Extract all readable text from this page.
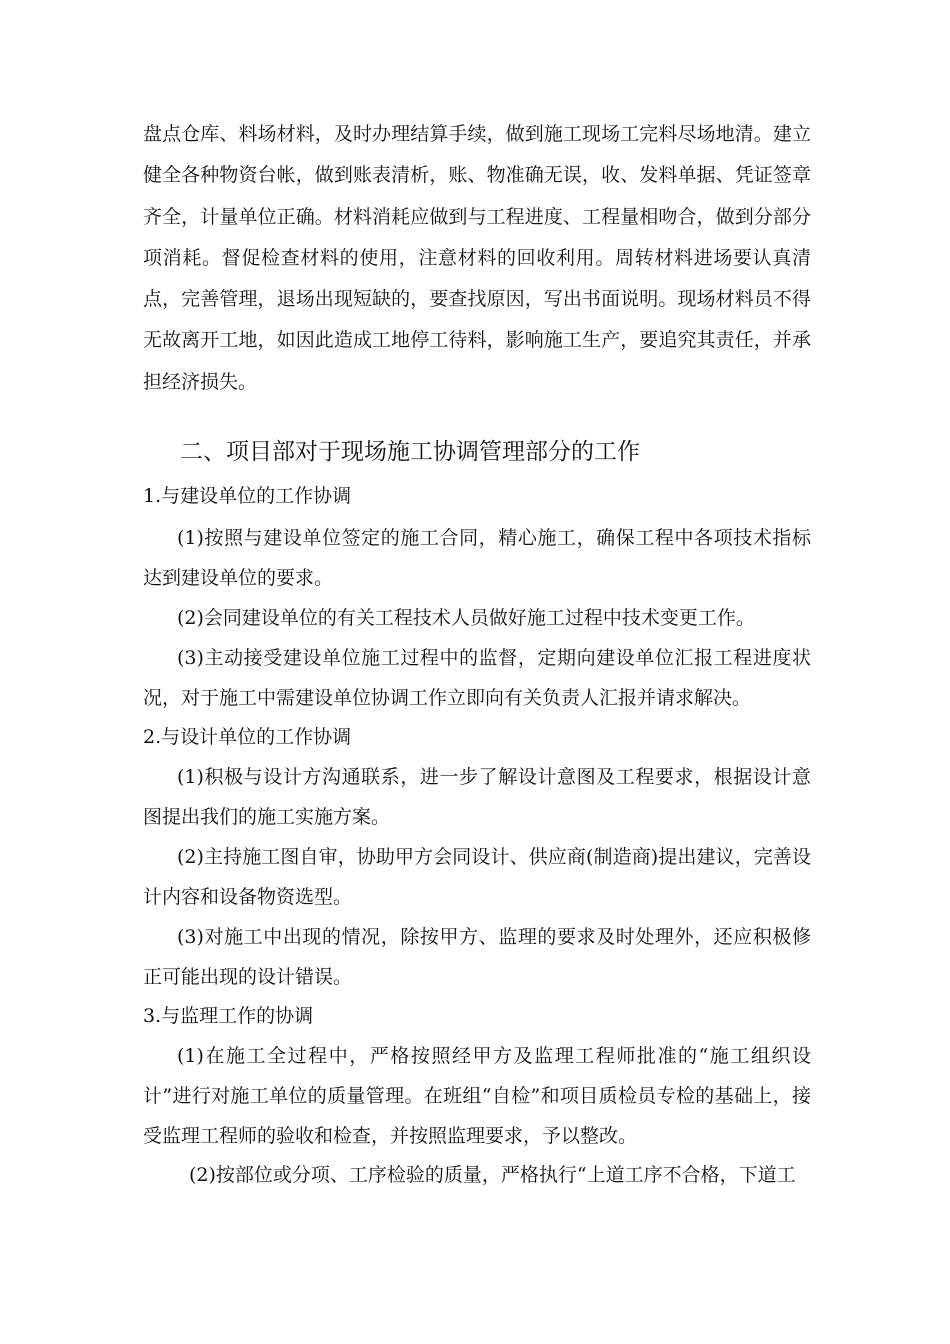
盘点仓库、料场材料，及时办理结算手续，做到施工现场工完料尽场地清。建立健全各种物资台帐，做到账表清析，账、物准确无误，收、发料单据、凭证签章齐全，计量单位正确。材料消耗应做到与工程进度、工程量相吻合，做到分部分项消耗。督促检查材料的使用，注意材料的回收利用。周转材料进场要认真清点，完善管理，退场出现短缺的，要查找原因，写出书面说明。现场材料员不得无故离开工地，如因此造成工地停工待料，影响施工生产，要追究其责任，并承担经济损失。

二、项目部对于现场施工协调管理部分的工作

1.与建设单位的工作协调

(1)按照与建设单位签定的施工合同，精心施工，确保工程中各项技术指标达到建设单位的要求。

(2)会同建设单位的有关工程技术人员做好施工过程中技术变更工作。

(3)主动接受建设单位施工过程中的监督，定期向建设单位汇报工程进度状况，对于施工中需建设单位协调工作立即向有关负责人汇报并请求解决。

2.与设计单位的工作协调

(1)积极与设计方沟通联系，进一步了解设计意图及工程要求，根据设计意图提出我们的施工实施方案。

(2)主持施工图自审，协助甲方会同设计、供应商(制造商)提出建议，完善设计内容和设备物资选型。

(3)对施工中出现的情况，除按甲方、监理的要求及时处理外，还应积极修正可能出现的设计错误。

3.与监理工作的协调

(1)在施工全过程中，严格按照经甲方及监理工程师批准的“施工组织设计”进行对施工单位的质量管理。在班组“自检”和项目质检员专检的基础上，接受监理工程师的验收和检查，并按照监理要求，予以整改。

(2)按部位或分项、工序检验的质量，严格执行“上道工序不合格，下道工
